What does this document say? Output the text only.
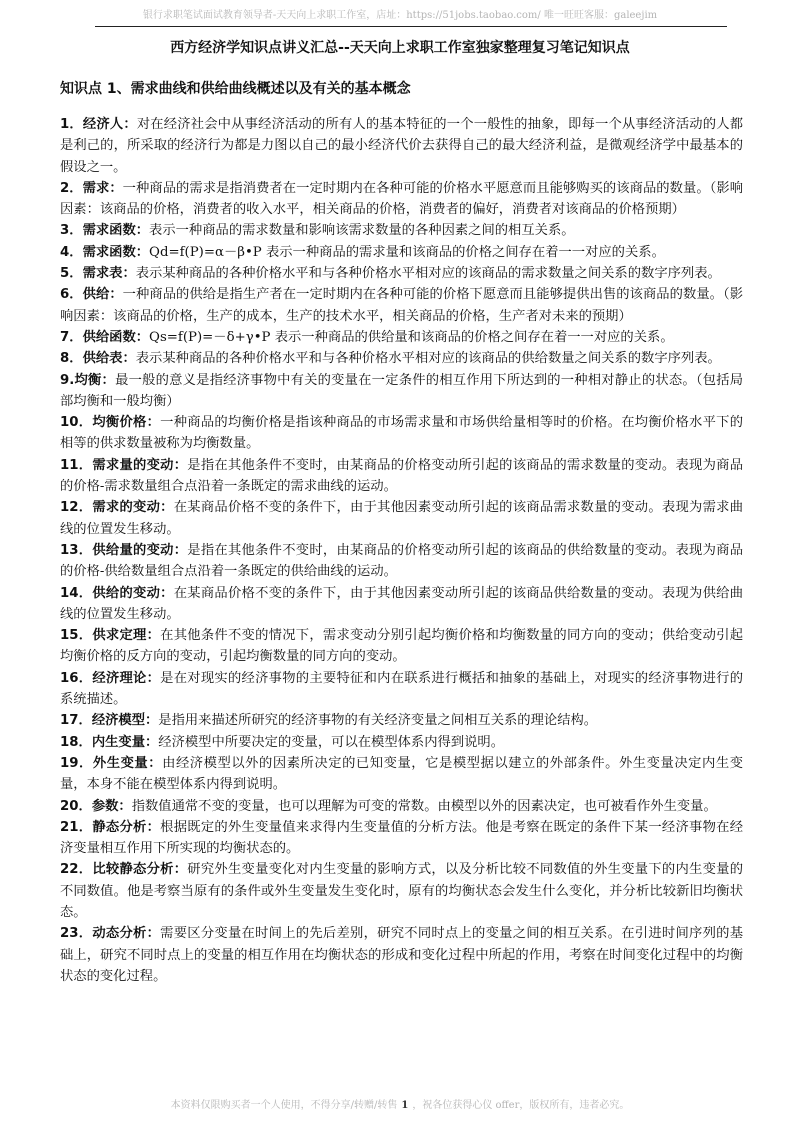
银行求职笔试面试教育领导者-天天向上求职工作室，店址：https://51jobs.taobao.com/ 唯一旺旺客服：galeejim
西方经济学知识点讲义汇总--天天向上求职工作室独家整理复习笔记知识点
知识点 1、需求曲线和供给曲线概述以及有关的基本概念

1．经济人：对在经济社会中从事经济活动的所有人的基本特征的一个一般性的抽象，即每一个从事经济活动的人都是利己的，所采取的经济行为都是力图以自己的最小经济代价去获得自己的最大经济利益，是微观经济学中最基本的假设之一。

2．需求：一种商品的需求是指消费者在一定时期内在各种可能的价格水平愿意而且能够购买的该商品的数量。（影响因素：该商品的价格，消费者的收入水平，相关商品的价格，消费者的偏好，消费者对该商品的价格预期）

3．需求函数：表示一种商品的需求数量和影响该需求数量的各种因素之间的相互关系。

4．需求函数：Qd=f(P)=α－β•P 表示一种商品的需求量和该商品的价格之间存在着一一对应的关系。

5．需求表：表示某种商品的各种价格水平和与各种价格水平相对应的该商品的需求数量之间关系的数字序列表。

6．供给：一种商品的供给是指生产者在一定时期内在各种可能的价格下愿意而且能够提供出售的该商品的数量。（影响因素：该商品的价格，生产的成本，生产的技术水平，相关商品的价格，生产者对未来的预期）

7．供给函数：Qs=f(P)=－δ+γ•P 表示一种商品的供给量和该商品的价格之间存在着一一对应的关系。

8．供给表：表示某种商品的各种价格水平和与各种价格水平相对应的该商品的供给数量之间关系的数字序列表。

9.均衡：最一般的意义是指经济事物中有关的变量在一定条件的相互作用下所达到的一种相对静止的状态。（包括局部均衡和一般均衡）

10．均衡价格：一种商品的均衡价格是指该种商品的市场需求量和市场供给量相等时的价格。在均衡价格水平下的相等的供求数量被称为均衡数量。

11．需求量的变动：是指在其他条件不变时，由某商品的价格变动所引起的该商品的需求数量的变动。表现为商品的价格-需求数量组合点沿着一条既定的需求曲线的运动。

12．需求的变动：在某商品价格不变的条件下，由于其他因素变动所引起的该商品需求数量的变动。表现为需求曲线的位置发生移动。

13．供给量的变动：是指在其他条件不变时，由某商品的价格变动所引起的该商品的供给数量的变动。表现为商品的价格-供给数量组合点沿着一条既定的供给曲线的运动。

14．供给的变动：在某商品价格不变的条件下，由于其他因素变动所引起的该商品供给数量的变动。表现为供给曲线的位置发生移动。

15．供求定理：在其他条件不变的情况下，需求变动分别引起均衡价格和均衡数量的同方向的变动；供给变动引起均衡价格的反方向的变动，引起均衡数量的同方向的变动。

16．经济理论：是在对现实的经济事物的主要特征和内在联系进行概括和抽象的基础上，对现实的经济事物进行的系统描述。

17．经济模型：是指用来描述所研究的经济事物的有关经济变量之间相互关系的理论结构。

18．内生变量：经济模型中所要决定的变量，可以在模型体系内得到说明。

19．外生变量：由经济模型以外的因素所决定的已知变量，它是模型据以建立的外部条件。外生变量决定内生变量，本身不能在模型体系内得到说明。

20．参数：指数值通常不变的变量，也可以理解为可变的常数。由模型以外的因素决定，也可被看作外生变量。

21．静态分析：根据既定的外生变量值来求得内生变量值的分析方法。他是考察在既定的条件下某一经济事物在经济变量相互作用下所实现的均衡状态的。

22．比较静态分析：研究外生变量变化对内生变量的影响方式，以及分析比较不同数值的外生变量下的内生变量的不同数值。他是考察当原有的条件或外生变量发生变化时，原有的均衡状态会发生什么变化，并分析比较新旧均衡状态。

23．动态分析：需要区分变量在时间上的先后差别，研究不同时点上的变量之间的相互关系。在引进时间序列的基础上，研究不同时点上的变量的相互作用在均衡状态的形成和变化过程中所起的作用，考察在时间变化过程中的均衡状态的变化过程。

本资料仅限购买者一个人使用，不得分享/转赠/转售 1 ，祝各位获得心仪 offer，版权所有，违者必究。
